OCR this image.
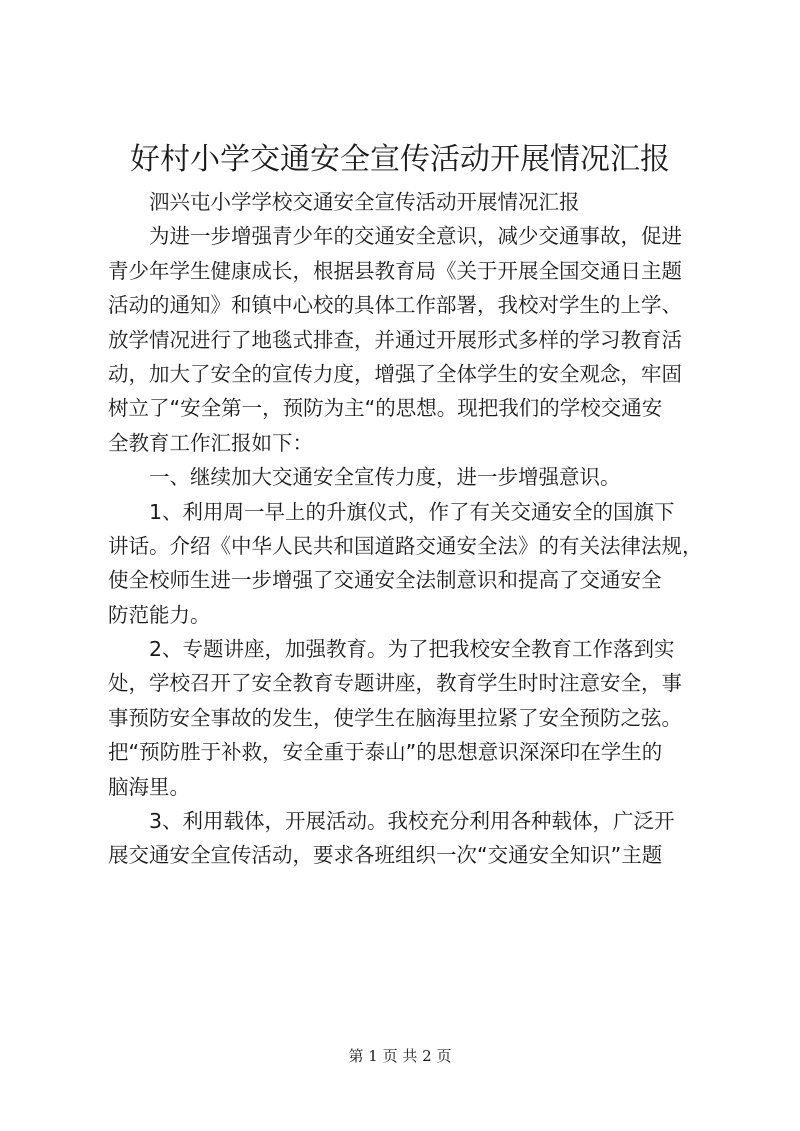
好村小学交通安全宣传活动开展情况汇报
泗兴屯小学学校交通安全宣传活动开展情况汇报
为进一步增强青少年的交通安全意识，减少交通事故，促进
青少年学生健康成长，根据县教育局《关于开展全国交通日主题
活动的通知》和镇中心校的具体工作部署，我校对学生的上学、
放学情况进行了地毯式排查，并通过开展形式多样的学习教育活
动，加大了安全的宣传力度，增强了全体学生的安全观念，牢固
树立了“安全第一，预防为主“的思想。现把我们的学校交通安
全教育工作汇报如下：
一、继续加大交通安全宣传力度，进一步增强意识。
1、利用周一早上的升旗仪式，作了有关交通安全的国旗下
讲话。介绍《中华人民共和国道路交通安全法》的有关法律法规，
使全校师生进一步增强了交通安全法制意识和提高了交通安全
防范能力。
2、专题讲座，加强教育。为了把我校安全教育工作落到实
处，学校召开了安全教育专题讲座，教育学生时时注意安全，事
事预防安全事故的发生，使学生在脑海里拉紧了安全预防之弦。
把“预防胜于补救，安全重于泰山”的思想意识深深印在学生的
脑海里。
3、利用载体，开展活动。我校充分利用各种载体，广泛开
展交通安全宣传活动，要求各班组织一次“交通安全知识”主题
第 1 页 共 2 页
